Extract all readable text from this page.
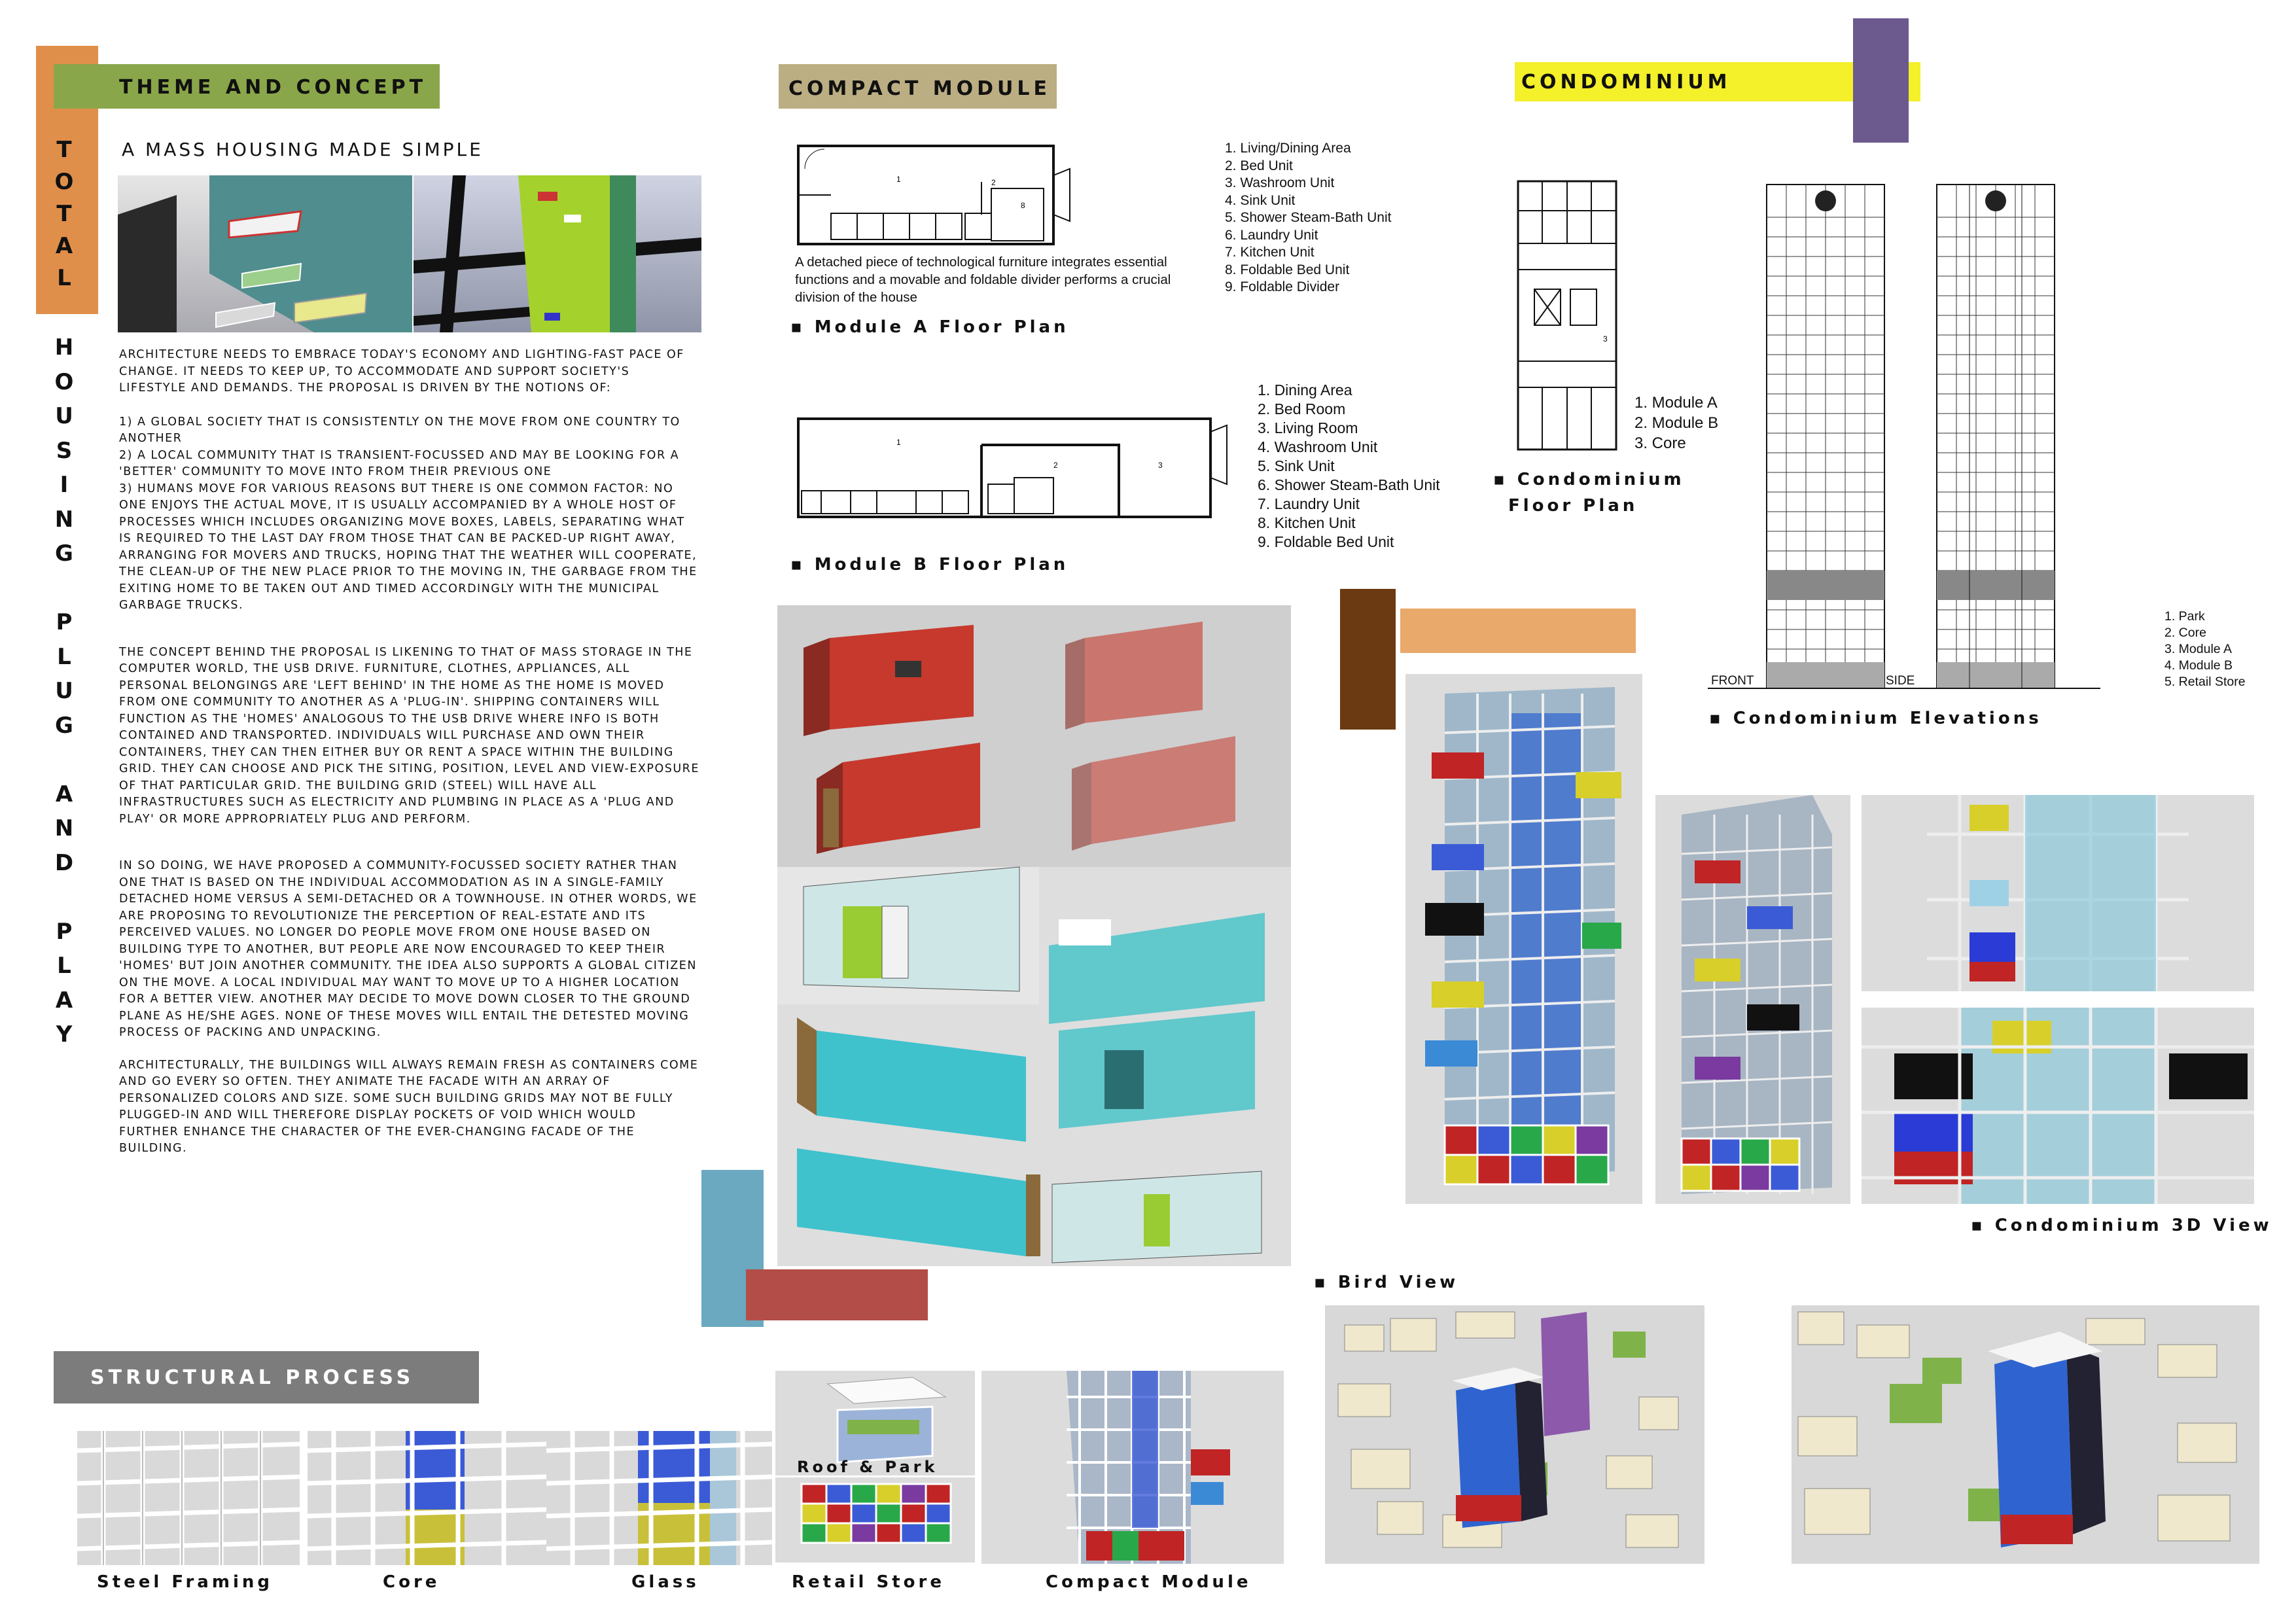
THEME AND CONCEPT
T
O
T
A
L
H
O
U
S
I
N
G

P
L
U
G

A
N
D

P
L
A
Y
A MASS HOUSING MADE SIMPLE

ARCHITECTURE NEEDS TO EMBRACE TODAY'S ECONOMY AND LIGHTING-FAST PACE OF CHANGE. IT NEEDS TO KEEP UP, TO ACCOMMODATE AND SUPPORT SOCIETY'S LIFESTYLE AND DEMANDS. THE PROPOSAL IS DRIVEN BY THE NOTIONS OF:

1) A GLOBAL SOCIETY THAT IS CONSISTENTLY ON THE MOVE FROM ONE COUNTRY TO ANOTHER
2) A LOCAL COMMUNITY THAT IS TRANSIENT-FOCUSSED AND MAY BE LOOKING FOR A 'BETTER' COMMUNITY TO MOVE INTO FROM THEIR PREVIOUS ONE
3) HUMANS MOVE FOR VARIOUS REASONS BUT THERE IS ONE COMMON FACTOR: NO ONE ENJOYS THE ACTUAL MOVE, IT IS USUALLY ACCOMPANIED BY A WHOLE HOST OF PROCESSES WHICH INCLUDES ORGANIZING MOVE BOXES, LABELS, SEPARATING WHAT IS REQUIRED TO THE LAST DAY FROM THOSE THAT CAN BE PACKED-UP RIGHT AWAY, ARRANGING FOR MOVERS AND TRUCKS, HOPING THAT THE WEATHER WILL COOPERATE, THE CLEAN-UP OF THE NEW PLACE PRIOR TO THE MOVING IN, THE GARBAGE FROM THE EXITING HOME TO BE TAKEN OUT AND TIMED ACCORDINGLY WITH THE MUNICIPAL GARBAGE TRUCKS.

THE CONCEPT BEHIND THE PROPOSAL IS LIKENING TO THAT OF MASS STORAGE IN THE COMPUTER WORLD, THE USB DRIVE. FURNITURE, CLOTHES, APPLIANCES, ALL PERSONAL BELONGINGS ARE 'LEFT BEHIND' IN THE HOME AS THE HOME IS MOVED FROM ONE COMMUNITY TO ANOTHER AS A 'PLUG-IN'. SHIPPING CONTAINERS WILL FUNCTION AS THE 'HOMES' ANALOGOUS TO THE USB DRIVE WHERE INFO IS BOTH CONTAINED AND TRANSPORTED. INDIVIDUALS WILL PURCHASE AND OWN THEIR CONTAINERS, THEY CAN THEN EITHER BUY OR RENT A SPACE WITHIN THE BUILDING GRID. THEY CAN CHOOSE AND PICK THE SITING, POSITION, LEVEL AND VIEW-EXPOSURE OF THAT PARTICULAR GRID. THE BUILDING GRID (STEEL) WILL HAVE ALL INFRASTRUCTURES SUCH AS ELECTRICITY AND PLUMBING IN PLACE AS A 'PLUG AND PLAY' OR MORE APPROPRIATELY PLUG AND PERFORM.

IN SO DOING, WE HAVE PROPOSED A COMMUNITY-FOCUSSED SOCIETY RATHER THAN ONE THAT IS BASED ON THE INDIVIDUAL ACCOMMODATION AS IN A SINGLE-FAMILY DETACHED HOME VERSUS A SEMI-DETACHED OR A TOWNHOUSE. IN OTHER WORDS, WE ARE PROPOSING TO REVOLUTIONIZE THE PERCEPTION OF REAL-ESTATE AND ITS PERCEIVED VALUES. NO LONGER DO PEOPLE MOVE FROM ONE HOUSE BASED ON BUILDING TYPE TO ANOTHER, BUT PEOPLE ARE NOW ENCOURAGED TO KEEP THEIR 'HOMES' BUT JOIN ANOTHER COMMUNITY. THE IDEA ALSO SUPPORTS A GLOBAL CITIZEN ON THE MOVE. A LOCAL INDIVIDUAL MAY WANT TO MOVE UP TO A HIGHER LOCATION FOR A BETTER VIEW. ANOTHER MAY DECIDE TO MOVE DOWN CLOSER TO THE GROUND PLANE AS HE/SHE AGES. NONE OF THESE MOVES WILL ENTAIL THE DETESTED MOVING PROCESS OF PACKING AND UNPACKING.

ARCHITECTURALLY, THE BUILDINGS WILL ALWAYS REMAIN FRESH AS CONTAINERS COME AND GO EVERY SO OFTEN. THEY ANIMATE THE FACADE WITH AN ARRAY OF PERSONALIZED COLORS AND SIZE. SOME SUCH BUILDING GRIDS MAY NOT BE FULLY PLUGGED-IN AND WILL THEREFORE DISPLAY POCKETS OF VOID WHICH WOULD FURTHER ENHANCE THE CHARACTER OF THE EVER-CHANGING FACADE OF THE BUILDING.

STRUCTURAL PROCESS
Roof & Park
Steel Framing	Core	Glass	Retail Store	Compact Module
COMPACT MODULE
1	2
8
1. Living/Dining Area
2. Bed Unit
3. Washroom Unit
4. Sink Unit
5. Shower Steam-Bath Unit
6. Laundry Unit
7. Kitchen Unit
8. Foldable Bed Unit
9. Foldable Divider
A detached piece of technological furniture integrates essential functions and a movable and foldable divider performs a crucial division of the house
▪ Module A Floor Plan
1
2	3
1. Dining Area
2. Bed Room
3. Living Room
4. Washroom Unit
5. Sink Unit
6. Shower Steam-Bath Unit
7. Laundry Unit
8. Kitchen Unit
9. Foldable Bed Unit
▪ Module B Floor Plan
CONDOMINIUM
3
1. Module A
2. Module B
3. Core
▪ Condominium
Floor Plan
FRONT	SIDE
1. Park
2. Core
3. Module A
4. Module B
5. Retail Store
▪ Condominium Elevations
▪ Condominium 3D View
▪ Bird View
